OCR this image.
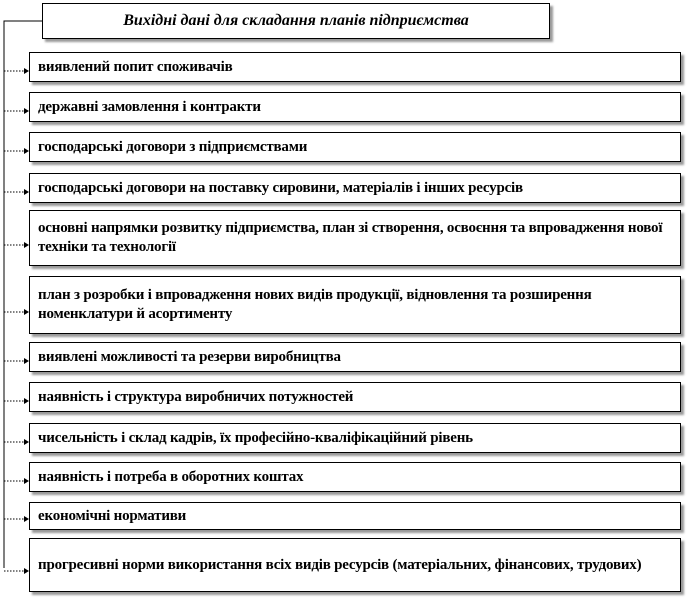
Вихідні дані для складання планів підприємства
виявлений попит споживачів
державні замовлення і контракти
господарські договори з підприємствами
господарські договори на поставку сировини, матеріалів і інших ресурсів
основні напрямки розвитку підприємства, план зі створення, освоєння та впровадження нової техніки та технології
план з розробки і впровадження нових видів продукції, відновлення та розширення номенклатури й асортименту
виявлені можливості та резерви виробництва
наявність і структура виробничих потужностей
чисельність і склад кадрів, їх професійно-кваліфікаційний рівень
наявність і потреба в оборотних коштах
економічні нормативи
прогресивні норми використання всіх видів ресурсів (матеріальних, фінансових, трудових)
